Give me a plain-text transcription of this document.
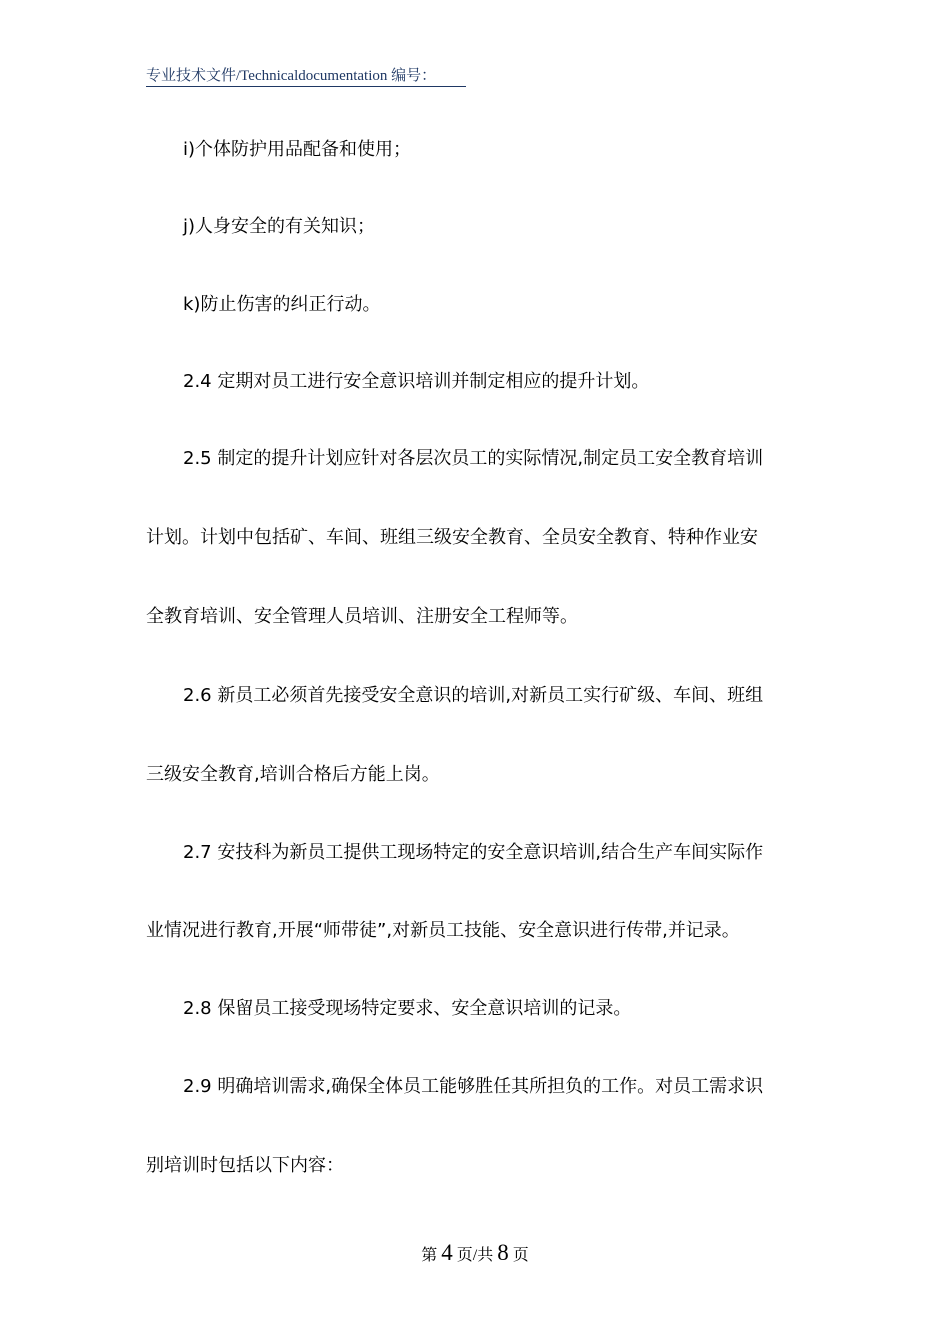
专业技术文件/Technicaldocumentation 编号：
i)个体防护用品配备和使用；
j)人身安全的有关知识；
k)防止伤害的纠正行动。
2.4 定期对员工进行安全意识培训并制定相应的提升计划。
2.5 制定的提升计划应针对各层次员工的实际情况,制定员工安全教育培训
计划。计划中包括矿、车间、班组三级安全教育、全员安全教育、特种作业安
全教育培训、安全管理人员培训、注册安全工程师等。
2.6 新员工必须首先接受安全意识的培训,对新员工实行矿级、车间、班组
三级安全教育,培训合格后方能上岗。
2.7 安技科为新员工提供工现场特定的安全意识培训,结合生产车间实际作
业情况进行教育,开展“师带徒”,对新员工技能、安全意识进行传带,并记录。
2.8 保留员工接受现场特定要求、安全意识培训的记录。
2.9 明确培训需求,确保全体员工能够胜任其所担负的工作。对员工需求识
别培训时包括以下内容：
第 4 页/共 8 页
